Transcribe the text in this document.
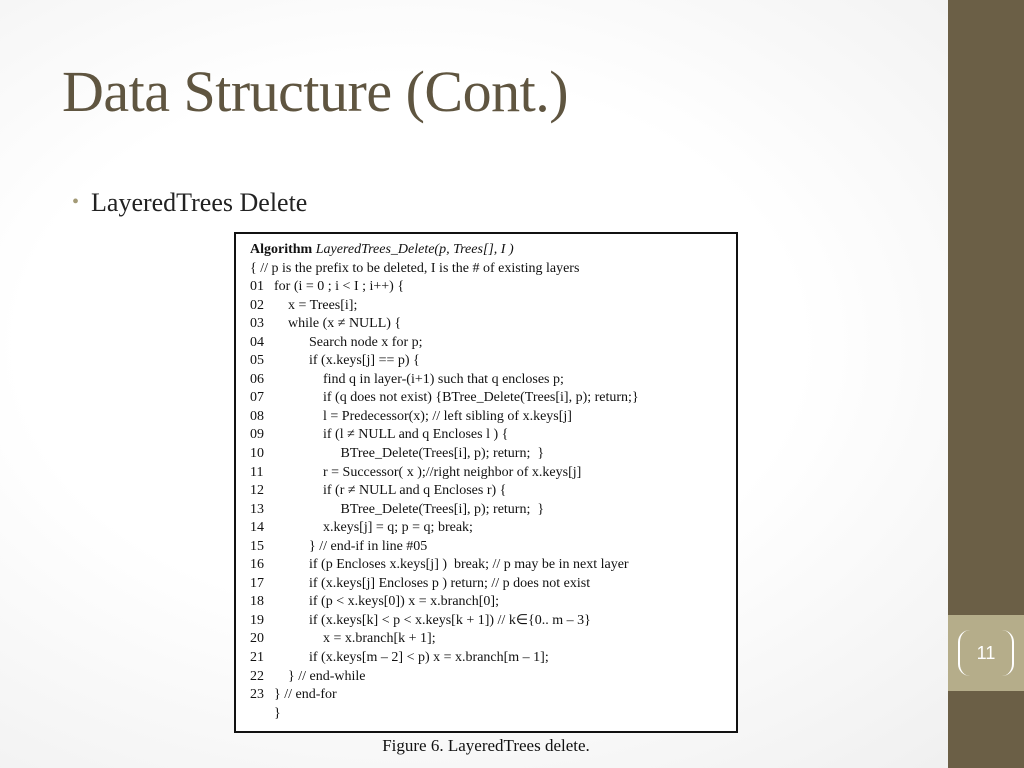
11
Data Structure (Cont.)
• LayeredTrees Delete
Algorithm LayeredTrees_Delete(p, Trees[], I )
{ // p is the prefix to be deleted, I is the # of existing layers
01 for (i = 0 ; i < I ; i++) {
02    x = Trees[i];
03    while (x ≠ NULL) {
04          Search node x for p;
05          if (x.keys[j] == p) {
06              find q in layer-(i+1) such that q encloses p;
07              if (q does not exist) {BTree_Delete(Trees[i], p); return;}
08              l = Predecessor(x); // left sibling of x.keys[j]
09              if (l ≠ NULL and q Encloses l ) {
10                   BTree_Delete(Trees[i], p); return;  }
11              r = Successor( x );//right neighbor of x.keys[j]
12              if (r ≠ NULL and q Encloses r) {
13                   BTree_Delete(Trees[i], p); return;  }
14              x.keys[j] = q; p = q; break;
15          } // end-if in line #05
16          if (p Encloses x.keys[j] )  break; // p may be in next layer
17          if (x.keys[j] Encloses p ) return; // p does not exist
18          if (p < x.keys[0]) x = x.branch[0];
19          if (x.keys[k] < p < x.keys[k + 1]) // k∈{0.. m – 3}
20              x = x.branch[k + 1];
21          if (x.keys[m – 2] < p) x = x.branch[m – 1];
22    } // end-while
23 } // end-for
}
Figure 6. LayeredTrees delete.
